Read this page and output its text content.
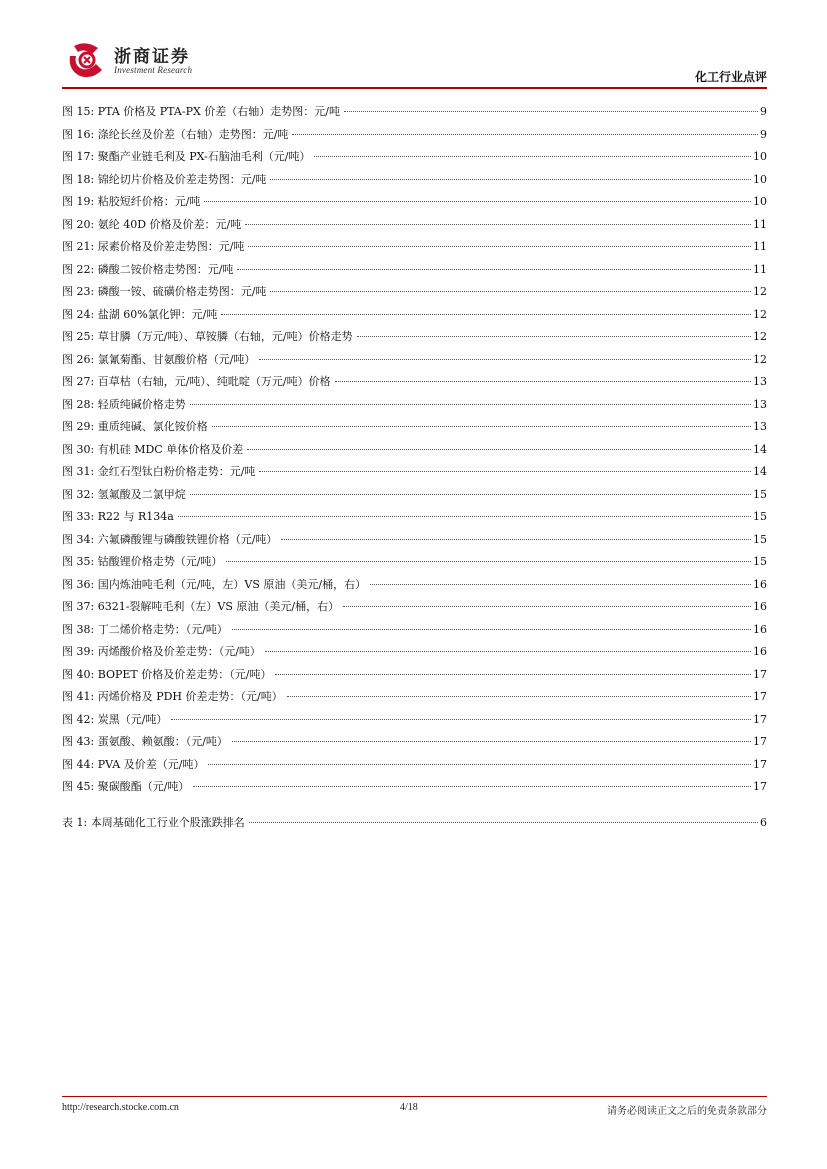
浙商证券
Investment Research	化工行业点评
图 15: PTA 价格及 PTA-PX 价差（右轴）走势图：元/吨	9
图 16: 涤纶长丝及价差（右轴）走势图：元/吨	9
图 17: 聚酯产业链毛利及 PX-石脑油毛利（元/吨）	10
图 18: 锦纶切片价格及价差走势图：元/吨	10
图 19: 粘胶短纤价格：元/吨	10
图 20: 氨纶 40D 价格及价差：元/吨	11
图 21: 尿素价格及价差走势图：元/吨	11
图 22: 磷酸二铵价格走势图：元/吨	11
图 23: 磷酸一铵、硫磺价格走势图：元/吨	12
图 24: 盐湖 60%氯化钾：元/吨	12
图 25: 草甘膦（万元/吨）、草铵膦（右轴，元/吨）价格走势	12
图 26: 氯氰菊酯、甘氨酸价格（元/吨）	12
图 27: 百草枯（右轴，元/吨）、纯吡啶（万元/吨）价格	13
图 28: 轻质纯碱价格走势	13
图 29: 重质纯碱、氯化铵价格	13
图 30: 有机硅 MDC 单体价格及价差	14
图 31: 金红石型钛白粉价格走势：元/吨	14
图 32: 氢氟酸及二氯甲烷	15
图 33: R22 与 R134a	15
图 34: 六氟磷酸锂与磷酸铁锂价格（元/吨）	15
图 35: 钴酸锂价格走势（元/吨）	15
图 36: 国内炼油吨毛利（元/吨，左）VS 原油（美元/桶，右）	16
图 37: 6321-裂解吨毛利（左）VS 原油（美元/桶，右）	16
图 38: 丁二烯价格走势：（元/吨）	16
图 39: 丙烯酸价格及价差走势：（元/吨）	16
图 40: BOPET 价格及价差走势：（元/吨）	17
图 41: 丙烯价格及 PDH 价差走势：（元/吨）	17
图 42: 炭黑（元/吨）	17
图 43: 蛋氨酸、赖氨酸：（元/吨）	17
图 44: PVA 及价差（元/吨）	17
图 45: 聚碳酸酯（元/吨）	17
表 1: 本周基础化工行业个股涨跌排名	6
http://research.stocke.com.cn	4/18	请务必阅读正文之后的免责条款部分
